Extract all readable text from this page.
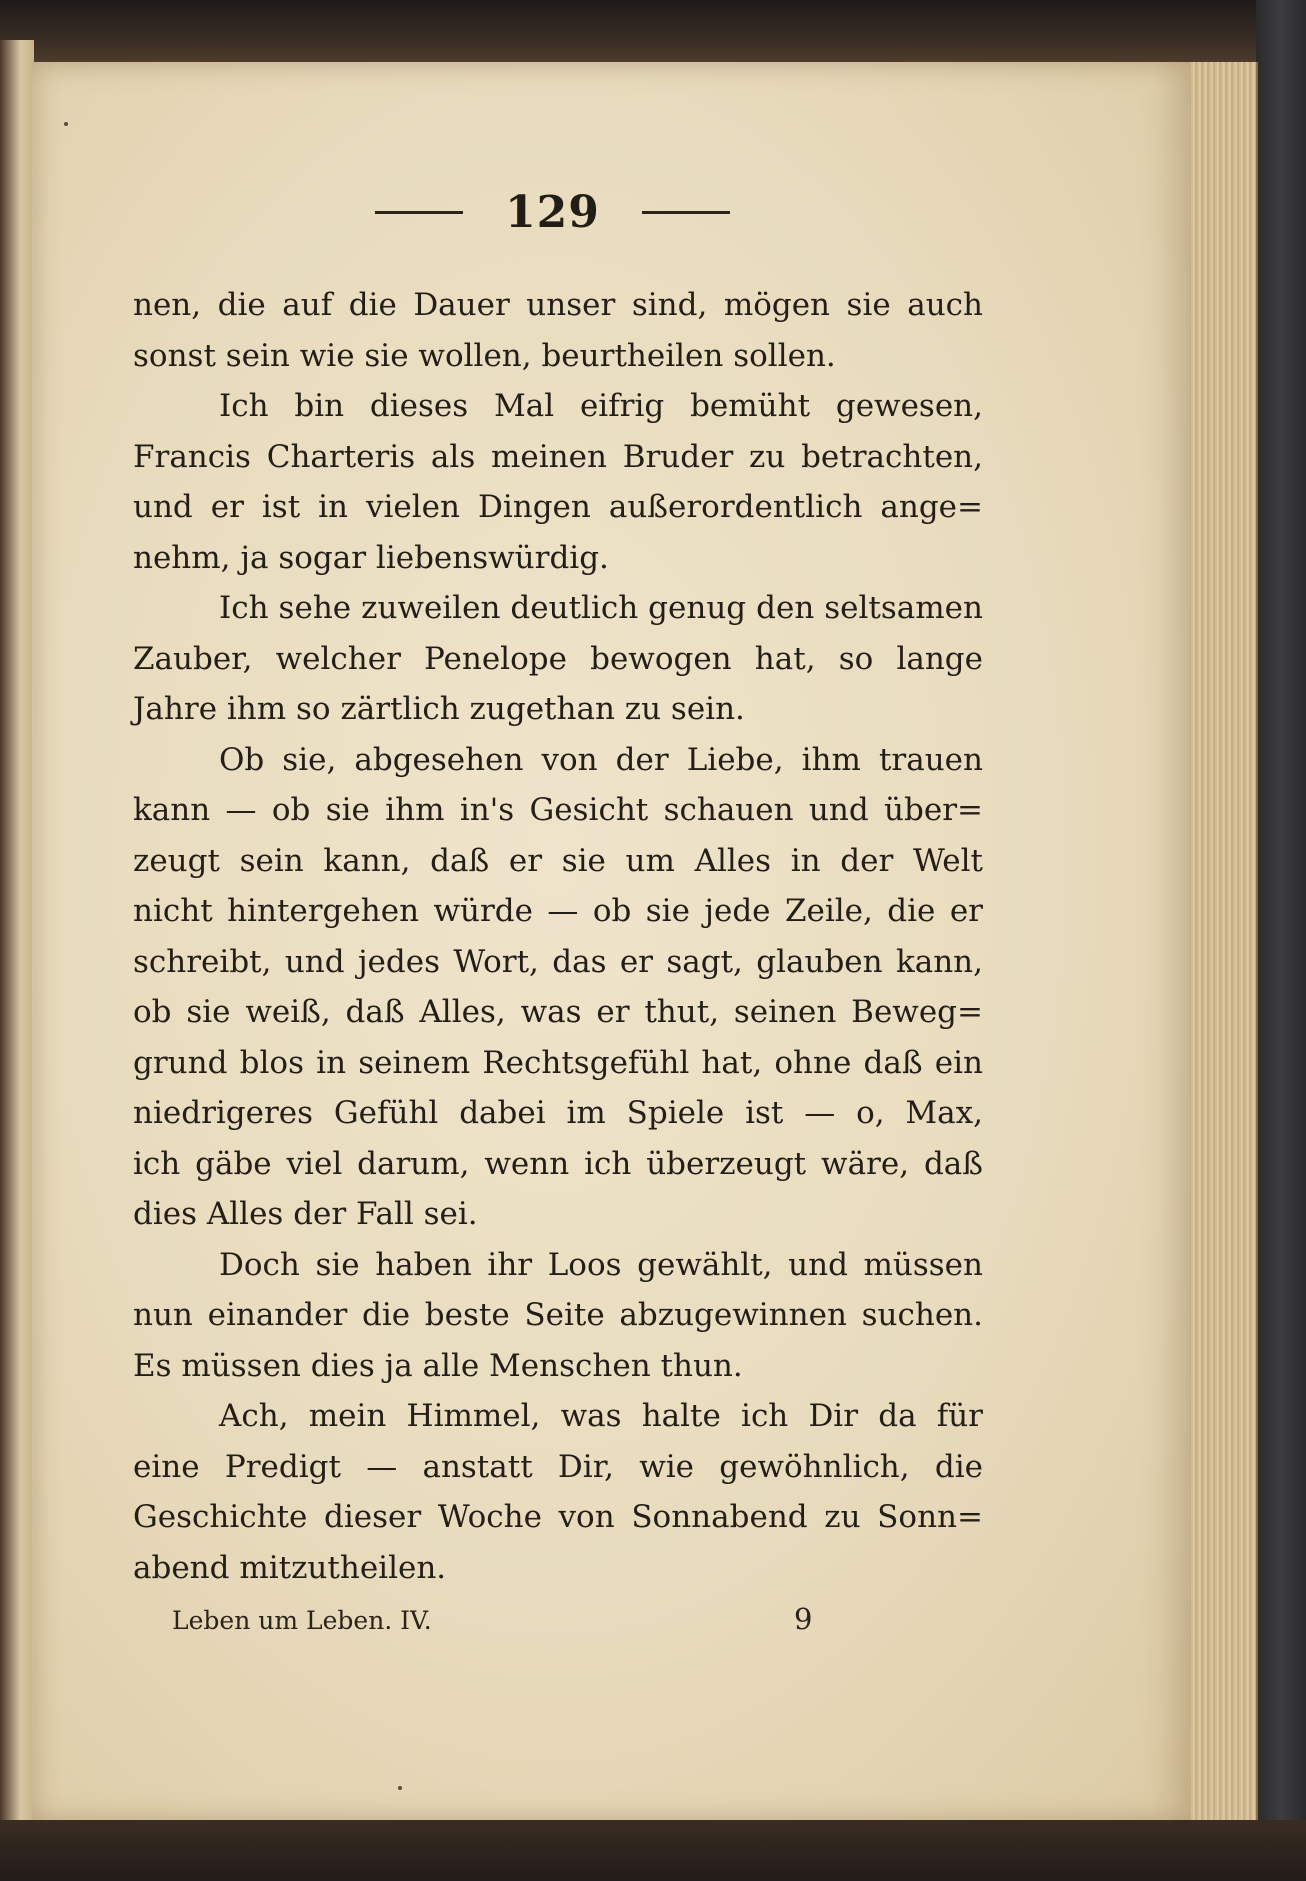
129
nen, die auf die Dauer unser sind, mögen sie auch
sonst sein wie sie wollen, beurtheilen sollen.
Ich bin dieses Mal eifrig bemüht gewesen,
Francis Charteris als meinen Bruder zu betrachten,
und er ist in vielen Dingen außerordentlich ange=
nehm, ja sogar liebenswürdig.
Ich sehe zuweilen deutlich genug den seltsamen
Zauber, welcher Penelope bewogen hat, so lange
Jahre ihm so zärtlich zugethan zu sein.
Ob sie, abgesehen von der Liebe, ihm trauen
kann — ob sie ihm in's Gesicht schauen und über=
zeugt sein kann, daß er sie um Alles in der Welt
nicht hintergehen würde — ob sie jede Zeile, die er
schreibt, und jedes Wort, das er sagt, glauben kann,
ob sie weiß, daß Alles, was er thut, seinen Beweg=
grund blos in seinem Rechtsgefühl hat, ohne daß ein
niedrigeres Gefühl dabei im Spiele ist — o, Max,
ich gäbe viel darum, wenn ich überzeugt wäre, daß
dies Alles der Fall sei.
Doch sie haben ihr Loos gewählt, und müssen
nun einander die beste Seite abzugewinnen suchen.
Es müssen dies ja alle Menschen thun.
Ach, mein Himmel, was halte ich Dir da für
eine Predigt — anstatt Dir, wie gewöhnlich, die
Geschichte dieser Woche von Sonnabend zu Sonn=
abend mitzutheilen.
Leben um Leben. IV.	9
